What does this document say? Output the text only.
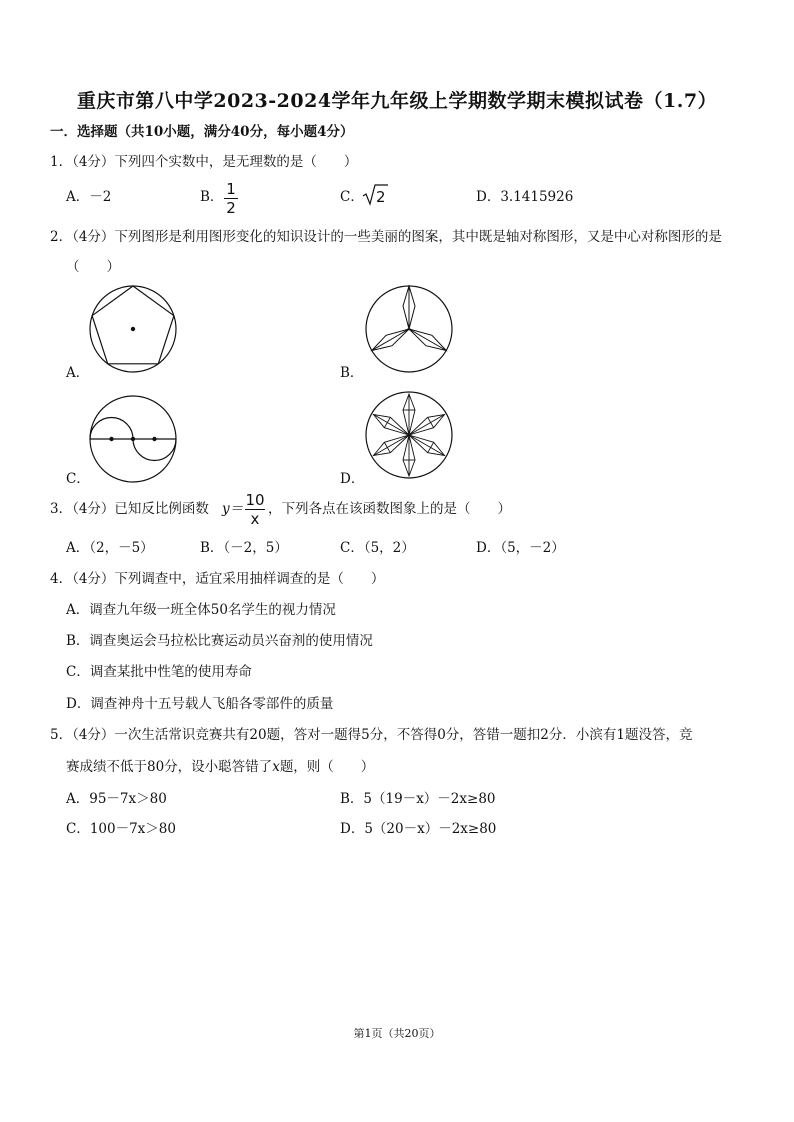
重庆市第八中学2023-2024学年九年级上学期数学期末模拟试卷（1.7）
一．选择题（共10小题，满分40分，每小题4分）
1．（4分）下列四个实数中，是无理数的是（　　）
A．－2	B． 1
2
C． 2	D．3.1415926
2．（4分）下列图形是利用图形变化的知识设计的一些美丽的图案，其中既是轴对称图形，又是中心对称图形的是
（　　）
A．	B．
C．	D．
3．（4分）已知反比例函数 y＝ 10
x
，下列各点在该函数图象上的是（　　）
A．（2，－5）	B．（－2，5）	C．（5，2）	D．（5，－2）
4．（4分）下列调查中，适宜采用抽样调查的是（　　）
A．调查九年级一班全体50名学生的视力情况
B．调查奥运会马拉松比赛运动员兴奋剂的使用情况
C．调查某批中性笔的使用寿命
D．调查神舟十五号载人飞船各零部件的质量
5．（4分）一次生活常识竞赛共有20题，答对一题得5分，不答得0分，答错一题扣2分．小滨有1题没答，竞
赛成绩不低于80分，设小聪答错了x题，则（　　）
A．95－7x＞80	B．5（19－x）－2x≥80
C．100－7x＞80	D．5（20－x）－2x≥80
第1页（共20页）
